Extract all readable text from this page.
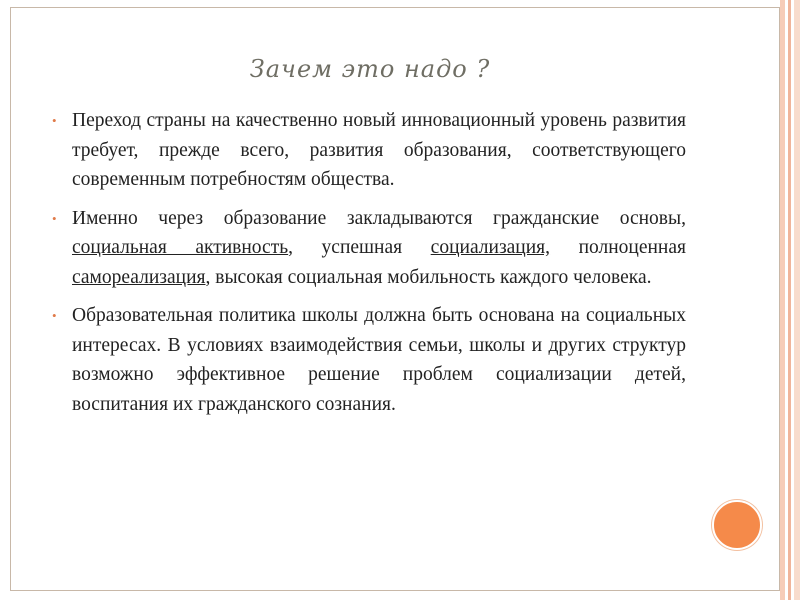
Зачем это надо ?
• Переход страны на качественно новый инновационный уровень развития требует, прежде всего, развития образования, соответствующего современным потребностям общества.
• Именно через образование закладываются гражданские основы, социальная активность, успешная социализация, полноценная самореализация, высокая социальная мобильность каждого человека.
• Образовательная политика школы должна быть основана на социальных интересах. В условиях взаимодействия семьи, школы и других структур возможно эффективное решение проблем социализации детей, воспитания их гражданского сознания.
